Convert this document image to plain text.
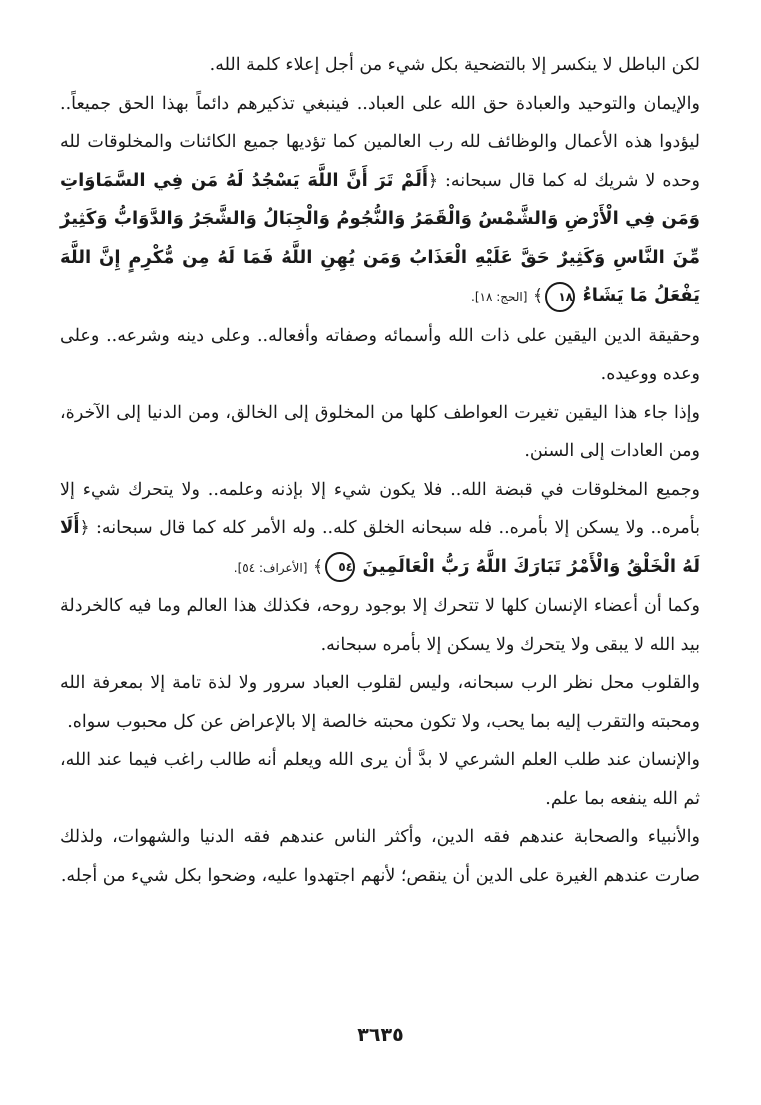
لكن الباطل لا ينكسر إلا بالتضحية بكل شيء من أجل إعلاء كلمة الله.

والإيمان والتوحيد والعبادة حق الله على العباد.. فينبغي تذكيرهم دائماً بهذا الحق جميعاً.. ليؤدوا هذه الأعمال والوظائف لله رب العالمين كما تؤديها جميع الكائنات والمخلوقات لله وحده لا شريك له كما قال سبحانه: ﴿أَلَمْ تَرَ أَنَّ اللَّهَ يَسْجُدُ لَهُ مَن فِي السَّمَاوَاتِ وَمَن فِي الْأَرْضِ وَالشَّمْسُ وَالْقَمَرُ وَالنُّجُومُ وَالْجِبَالُ وَالشَّجَرُ وَالدَّوَابُّ وَكَثِيرٌ مِّنَ النَّاسِ وَكَثِيرٌ حَقَّ عَلَيْهِ الْعَذَابُ وَمَن يُهِنِ اللَّهُ فَمَا لَهُ مِن مُّكْرِمٍ إِنَّ اللَّهَ يَفْعَلُ مَا يَشَاءُ ١٨﴾ [الحج: ١٨].

وحقيقة الدين اليقين على ذات الله وأسمائه وصفاته وأفعاله.. وعلى دينه وشرعه.. وعلى وعده ووعيده.

وإذا جاء هذا اليقين تغيرت العواطف كلها من المخلوق إلى الخالق، ومن الدنيا إلى الآخرة، ومن العادات إلى السنن.

وجميع المخلوقات في قبضة الله.. فلا يكون شيء إلا بإذنه وعلمه.. ولا يتحرك شيء إلا بأمره.. ولا يسكن إلا بأمره.. فله سبحانه الخلق كله.. وله الأمر كله كما قال سبحانه: ﴿أَلَا لَهُ الْخَلْقُ وَالْأَمْرُ تَبَارَكَ اللَّهُ رَبُّ الْعَالَمِينَ ٥٤﴾ [الأعراف: ٥٤].

وكما أن أعضاء الإنسان كلها لا تتحرك إلا بوجود روحه، فكذلك هذا العالم وما فيه كالخردلة بيد الله لا يبقى ولا يتحرك ولا يسكن إلا بأمره سبحانه.

والقلوب محل نظر الرب سبحانه، وليس لقلوب العباد سرور ولا لذة تامة إلا بمعرفة الله ومحبته والتقرب إليه بما يحب، ولا تكون محبته خالصة إلا بالإعراض عن كل محبوب سواه.

والإنسان عند طلب العلم الشرعي لا بدَّ أن يرى الله ويعلم أنه طالب راغب فيما عند الله، ثم الله ينفعه بما علم.

والأنبياء والصحابة عندهم فقه الدين، وأكثر الناس عندهم فقه الدنيا والشهوات، ولذلك صارت عندهم الغيرة على الدين أن ينقص؛ لأنهم اجتهدوا عليه، وضحوا بكل شيء من أجله.

٣٦٣٥
